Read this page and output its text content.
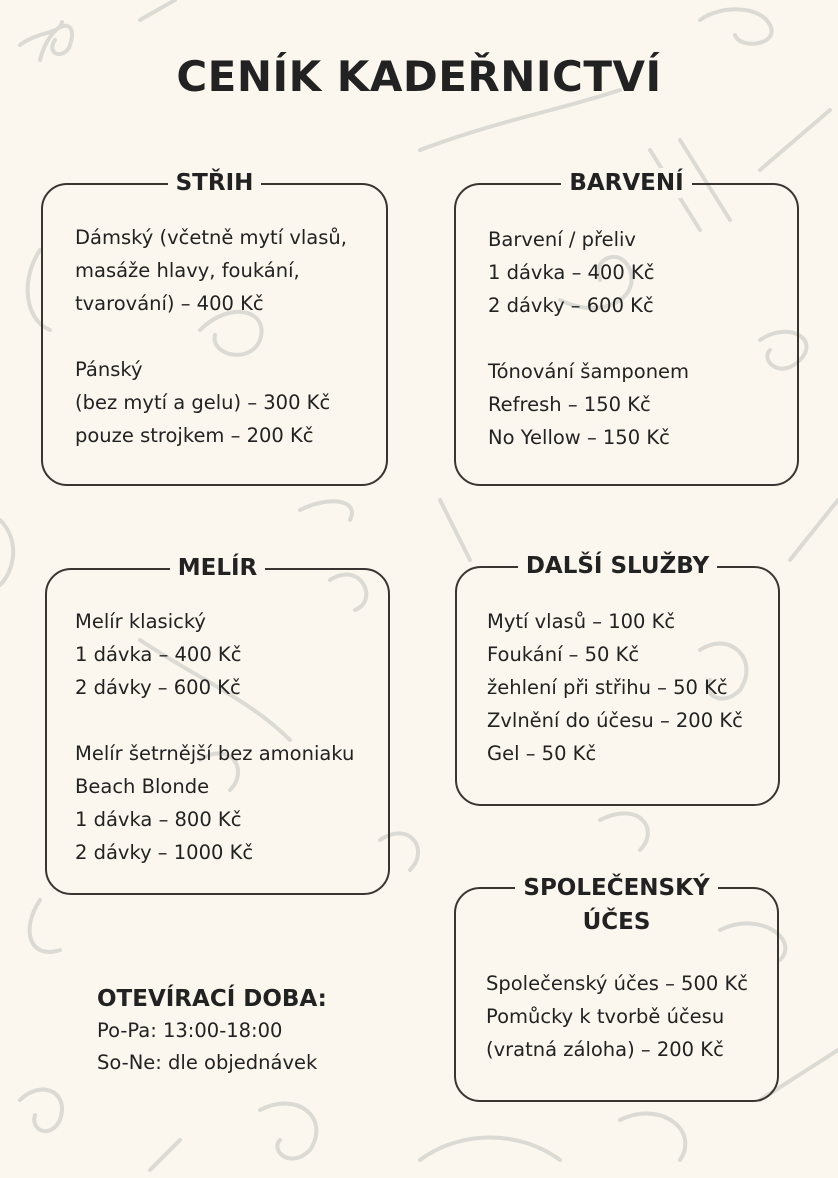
CENÍK KADEŘNICTVÍ
STŘIH
Dámský (včetně mytí vlasů,
masáže hlavy, foukání,
tvarování) – 400 Kč
Pánský
(bez mytí a gelu) – 300 Kč
pouze strojkem – 200 Kč
BARVENÍ
Barvení / přeliv
1 dávka – 400 Kč
2 dávky – 600 Kč
Tónování šamponem
Refresh – 150 Kč
No Yellow – 150 Kč
MELÍR
Melír klasický
1 dávka – 400 Kč
2 dávky – 600 Kč
Melír šetrnější bez amoniaku
Beach Blonde
1 dávka – 800 Kč
2 dávky – 1000 Kč
DALŠÍ SLUŽBY
Mytí vlasů – 100 Kč
Foukání – 50 Kč
žehlení při střihu – 50 Kč
Zvlnění do účesu – 200 Kč
Gel – 50 Kč
SPOLEČENSKÝ
ÚČES
Společenský účes – 500 Kč
Pomůcky k tvorbě účesu
(vratná záloha) – 200 Kč
OTEVÍRACÍ DOBA:
Po-Pa: 13:00-18:00
So-Ne: dle objednávek
